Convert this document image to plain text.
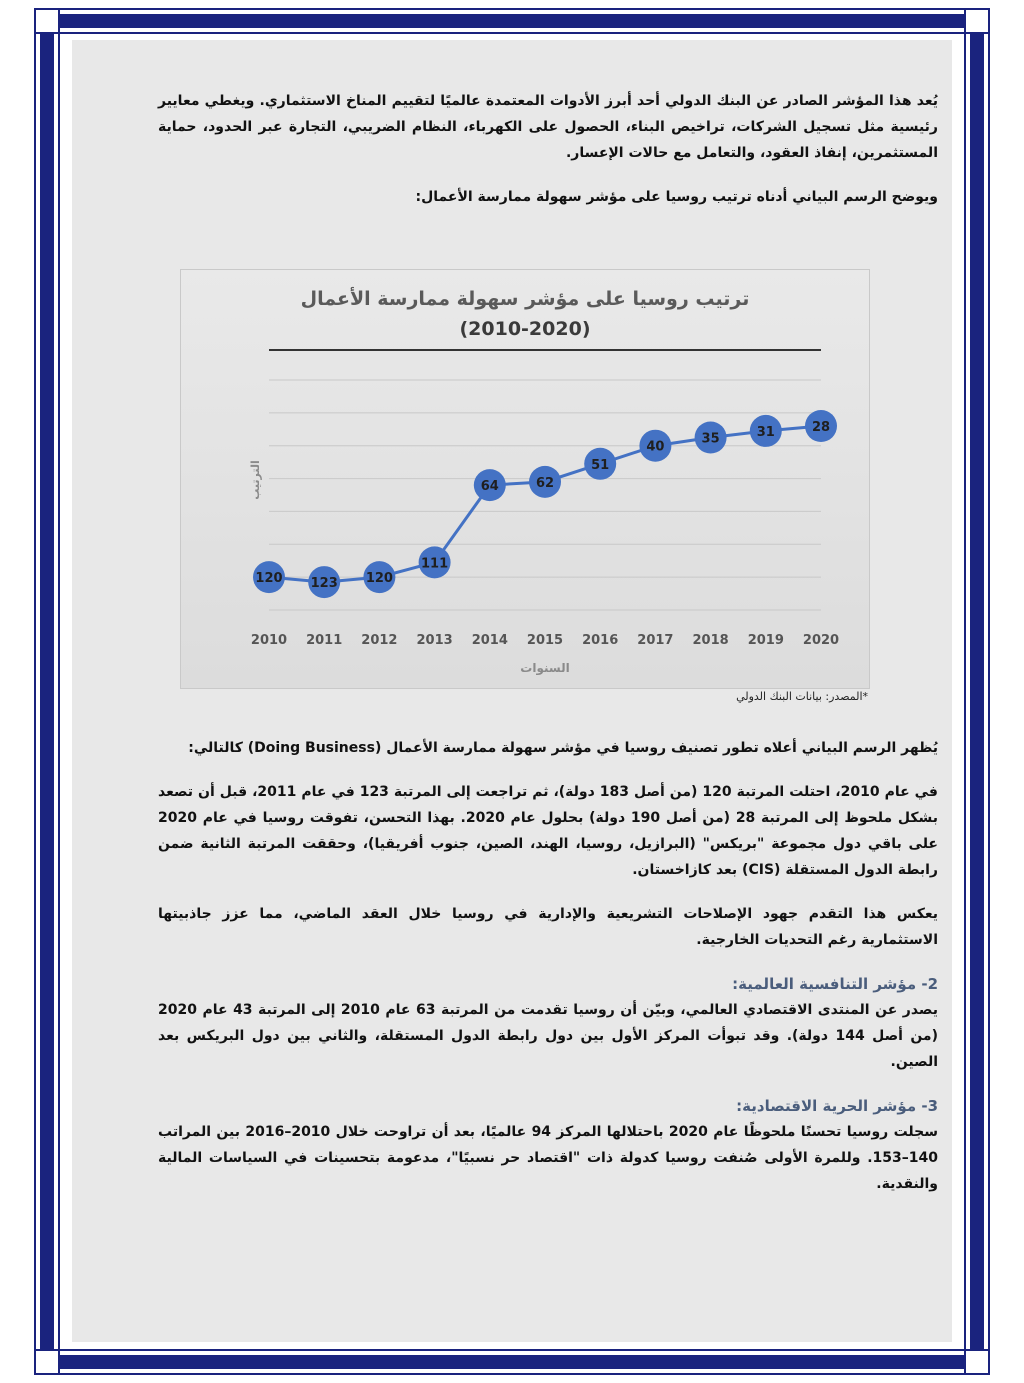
يُعد هذا المؤشر الصادر عن البنك الدولي أحد أبرز الأدوات المعتمدة عالميًا لتقييم المناخ الاستثماري. ويغطي معايير رئيسية مثل تسجيل الشركات، تراخيص البناء، الحصول على الكهرباء، النظام الضريبي، التجارة عبر الحدود، حماية المستثمرين، إنفاذ العقود، والتعامل مع حالات الإعسار.

ويوضح الرسم البياني أدناه ترتيب روسيا على مؤشر سهولة ممارسة الأعمال:

ترتيب روسيا على مؤشر سهولة ممارسة الأعمال
(2010-2020)
2010 2011 2012 2013 2014 2015 2016 2017 2018 2019 2020
120 123 120
111
64	62
51
40
35	31	28
السنوات
الترتيب
*المصدر: بيانات البنك الدولي

يُظهر الرسم البياني أعلاه تطور تصنيف روسيا في مؤشر سهولة ممارسة الأعمال (Doing Business) كالتالي:

في عام 2010، احتلت المرتبة 120 (من أصل 183 دولة)، ثم تراجعت إلى المرتبة 123 في عام 2011، قبل أن تصعد بشكل ملحوظ إلى المرتبة 28 (من أصل 190 دولة) بحلول عام 2020. بهذا التحسن، تفوقت روسيا في عام 2020 على باقي دول مجموعة "بريكس" (البرازيل، روسيا، الهند، الصين، جنوب أفريقيا)، وحققت المرتبة الثانية ضمن رابطة الدول المستقلة (CIS) بعد كازاخستان.

يعكس هذا التقدم جهود الإصلاحات التشريعية والإدارية في روسيا خلال العقد الماضي، مما عزز جاذبيتها الاستثمارية رغم التحديات الخارجية.

2- مؤشر التنافسية العالمية:

يصدر عن المنتدى الاقتصادي العالمي، وبيّن أن روسيا تقدمت من المرتبة 63 عام 2010 إلى المرتبة 43 عام 2020 (من أصل 144 دولة). وقد تبوأت المركز الأول بين دول رابطة الدول المستقلة، والثاني بين دول البريكس بعد الصين.

3- مؤشر الحرية الاقتصادية:

سجلت روسيا تحسنًا ملحوظًا عام 2020 باحتلالها المركز 94 عالميًا، بعد أن تراوحت خلال 2010–2016 بين المراتب 140–153. وللمرة الأولى صُنفت روسيا كدولة ذات "اقتصاد حر نسبيًا"، مدعومة بتحسينات في السياسات المالية والنقدية.
